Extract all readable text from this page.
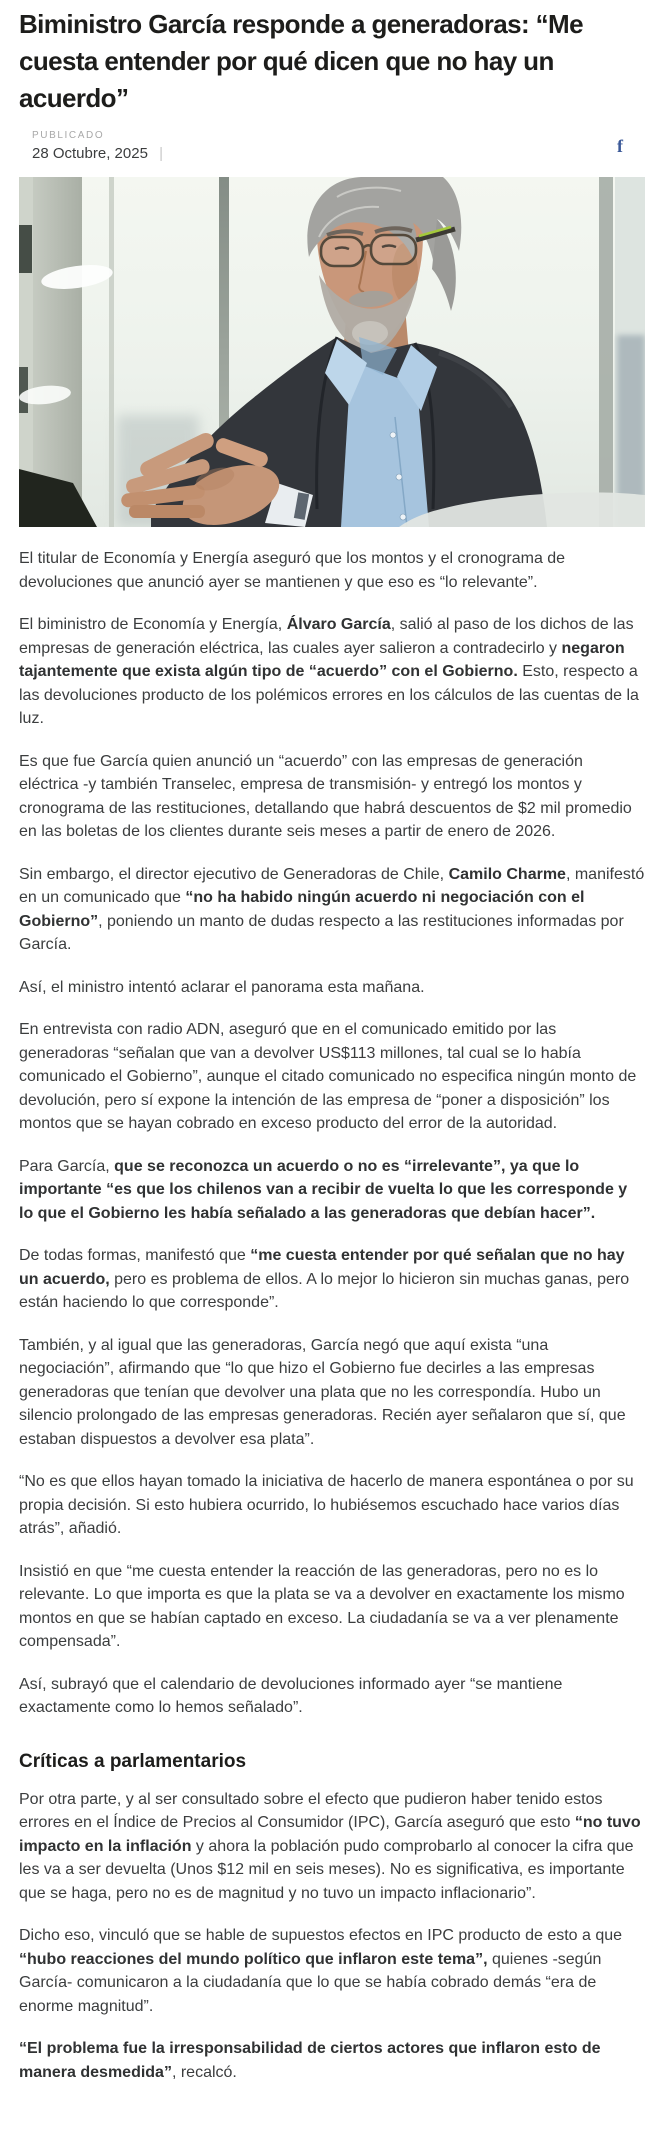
Biministro García responde a generadoras: “Me cuesta entender por qué dicen que no hay un acuerdo”
PUBLICADO
28 Octubre, 2025 |	f

El titular de Economía y Energía aseguró que los montos y el cronograma de devoluciones que anunció ayer se mantienen y que eso es “lo relevante”.

El biministro de Economía y Energía, Álvaro García, salió al paso de los dichos de las empresas de generación eléctrica, las cuales ayer salieron a contradecirlo y negaron tajantemente que exista algún tipo de “acuerdo” con el Gobierno. Esto, respecto a las devoluciones producto de los polémicos errores en los cálculos de las cuentas de la luz.

Es que fue García quien anunció un “acuerdo” con las empresas de generación eléctrica -y también Transelec, empresa de transmisión- y entregó los montos y cronograma de las restituciones, detallando que habrá descuentos de $2 mil promedio en las boletas de los clientes durante seis meses a partir de enero de 2026.

Sin embargo, el director ejecutivo de Generadoras de Chile, Camilo Charme, manifestó en un comunicado que “no ha habido ningún acuerdo ni negociación con el Gobierno”, poniendo un manto de dudas respecto a las restituciones informadas por García.

Así, el ministro intentó aclarar el panorama esta mañana.

En entrevista con radio ADN, aseguró que en el comunicado emitido por las generadoras “señalan que van a devolver US$113 millones, tal cual se lo había comunicado el Gobierno”, aunque el citado comunicado no especifica ningún monto de devolución, pero sí expone la intención de las empresa de “poner a disposición” los montos que se hayan cobrado en exceso producto del error de la autoridad.

Para García, que se reconozca un acuerdo o no es “irrelevante”, ya que lo importante “es que los chilenos van a recibir de vuelta lo que les corresponde y lo que el Gobierno les había señalado a las generadoras que debían hacer”.

De todas formas, manifestó que “me cuesta entender por qué señalan que no hay un acuerdo, pero es problema de ellos. A lo mejor lo hicieron sin muchas ganas, pero están haciendo lo que corresponde”.

También, y al igual que las generadoras, García negó que aquí exista “una negociación”, afirmando que “lo que hizo el Gobierno fue decirles a las empresas generadoras que tenían que devolver una plata que no les correspondía. Hubo un silencio prolongado de las empresas generadoras. Recién ayer señalaron que sí, que estaban dispuestos a devolver esa plata”.

“No es que ellos hayan tomado la iniciativa de hacerlo de manera espontánea o por su propia decisión. Si esto hubiera ocurrido, lo hubiésemos escuchado hace varios días atrás”, añadió.

Insistió en que “me cuesta entender la reacción de las generadoras, pero no es lo relevante. Lo que importa es que la plata se va a devolver en exactamente los mismo montos en que se habían captado en exceso. La ciudadanía se va a ver plenamente compensada”.

Así, subrayó que el calendario de devoluciones informado ayer “se mantiene exactamente como lo hemos señalado”.

Críticas a parlamentarios

Por otra parte, y al ser consultado sobre el efecto que pudieron haber tenido estos errores en el Índice de Precios al Consumidor (IPC), García aseguró que esto “no tuvo impacto en la inflación y ahora la población pudo comprobarlo al conocer la cifra que les va a ser devuelta (Unos $12 mil en seis meses). No es significativa, es importante que se haga, pero no es de magnitud y no tuvo un impacto inflacionario”.

Dicho eso, vinculó que se hable de supuestos efectos en IPC producto de esto a que “hubo reacciones del mundo político que inflaron este tema”, quienes -según García- comunicaron a la ciudadanía que lo que se había cobrado demás “era de enorme magnitud”.

“El problema fue la irresponsabilidad de ciertos actores que inflaron esto de manera desmedida”, recalcó.
